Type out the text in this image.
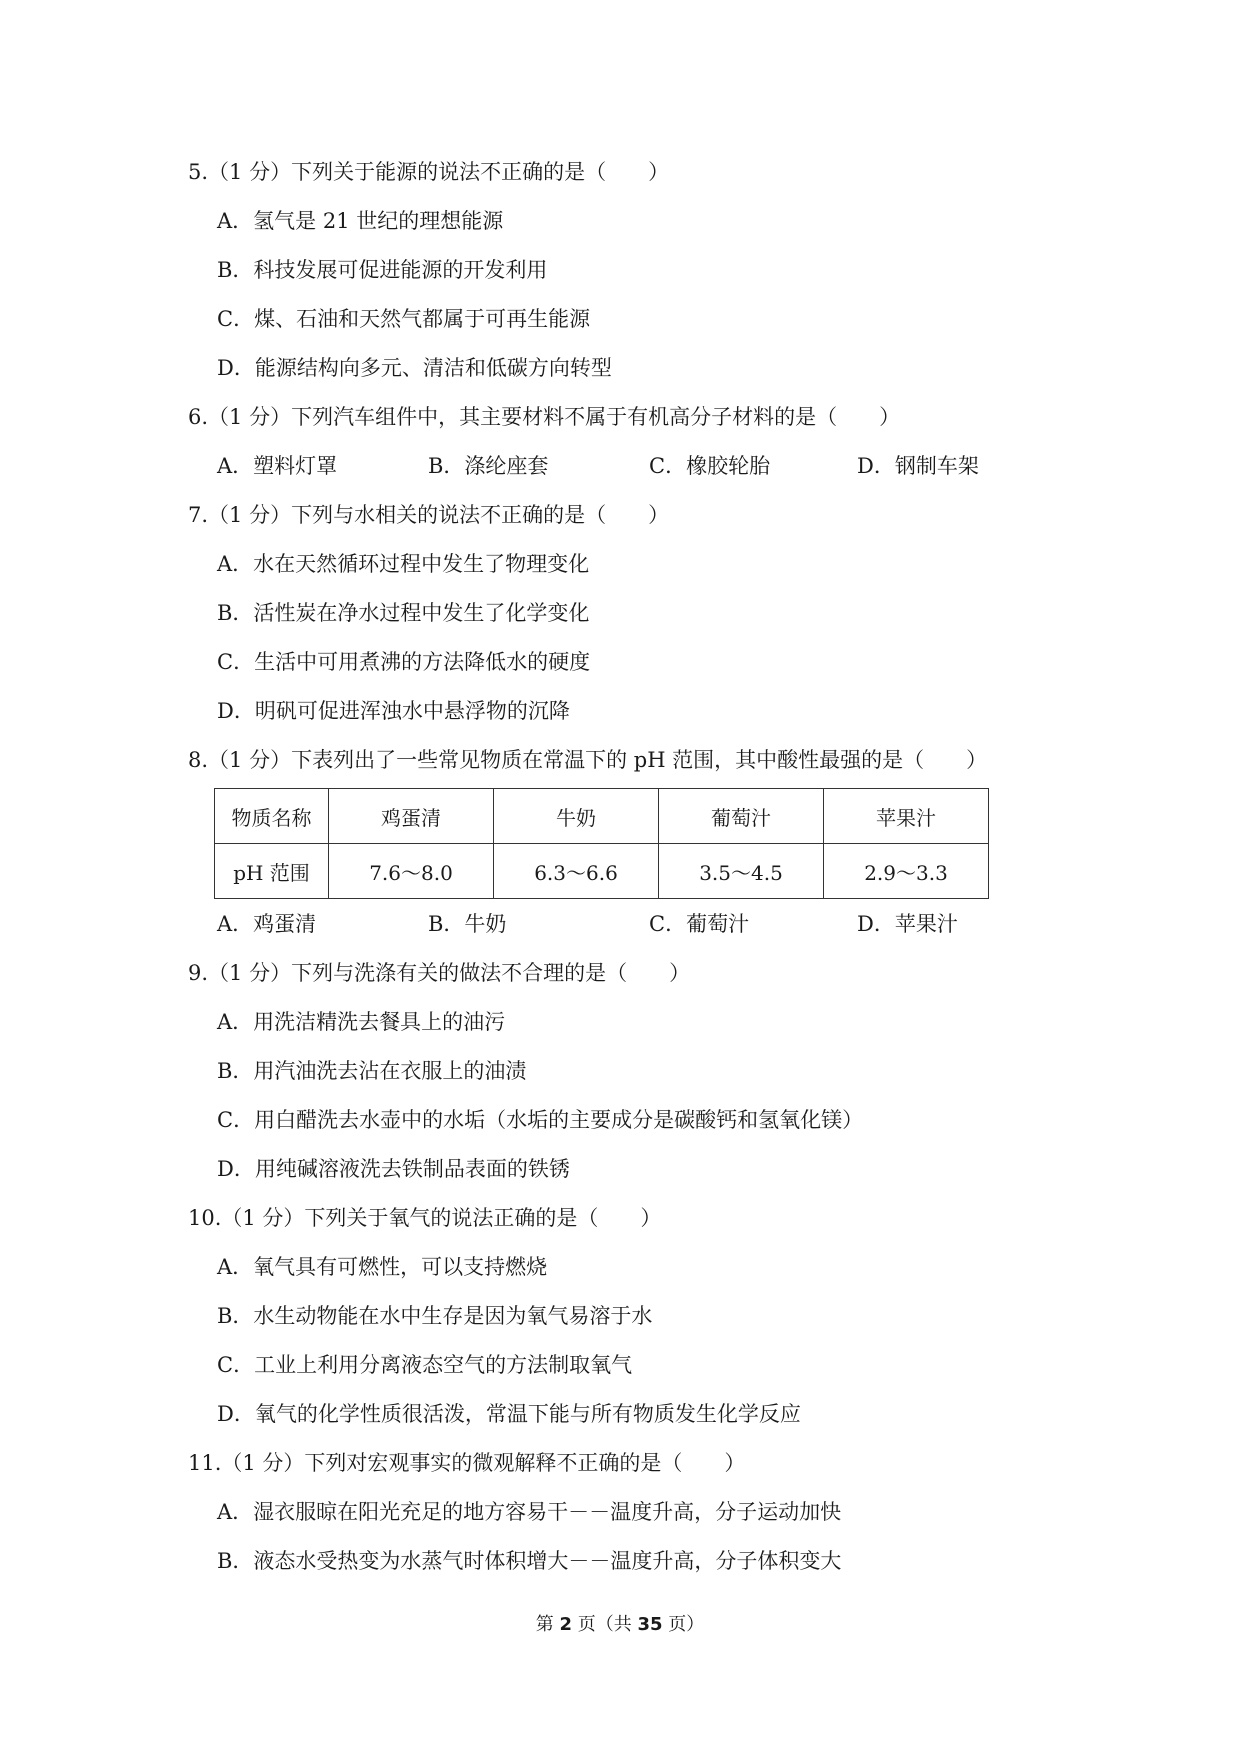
5.（1 分）下列关于能源的说法不正确的是（　　）
A．氢气是 21 世纪的理想能源
B．科技发展可促进能源的开发利用
C．煤、石油和天然气都属于可再生能源
D．能源结构向多元、清洁和低碳方向转型
6.（1 分）下列汽车组件中，其主要材料不属于有机高分子材料的是（　　）
A．塑料灯罩	B．涤纶座套	C．橡胶轮胎	D．钢制车架
7.（1 分）下列与水相关的说法不正确的是（　　）
A．水在天然循环过程中发生了物理变化
B．活性炭在净水过程中发生了化学变化
C．生活中可用煮沸的方法降低水的硬度
D．明矾可促进浑浊水中悬浮物的沉降
8.（1 分）下表列出了一些常见物质在常温下的 pH 范围，其中酸性最强的是（　　）
物质名称	鸡蛋清	牛奶	葡萄汁	苹果汁
pH 范围	7.6～8.0	6.3～6.6	3.5～4.5	2.9～3.3
A．鸡蛋清	B．牛奶	C．葡萄汁	D．苹果汁
9.（1 分）下列与洗涤有关的做法不合理的是（　　）
A．用洗洁精洗去餐具上的油污
B．用汽油洗去沾在衣服上的油渍
C．用白醋洗去水壶中的水垢（水垢的主要成分是碳酸钙和氢氧化镁）
D．用纯碱溶液洗去铁制品表面的铁锈
10.（1 分）下列关于氧气的说法正确的是（　　）
A．氧气具有可燃性，可以支持燃烧
B．水生动物能在水中生存是因为氧气易溶于水
C．工业上利用分离液态空气的方法制取氧气
D．氧气的化学性质很活泼，常温下能与所有物质发生化学反应
11.（1 分）下列对宏观事实的微观解释不正确的是（　　）
A．湿衣服晾在阳光充足的地方容易干－－温度升高，分子运动加快
B．液态水受热变为水蒸气时体积增大－－温度升高，分子体积变大
第 2 页（共 35 页）
